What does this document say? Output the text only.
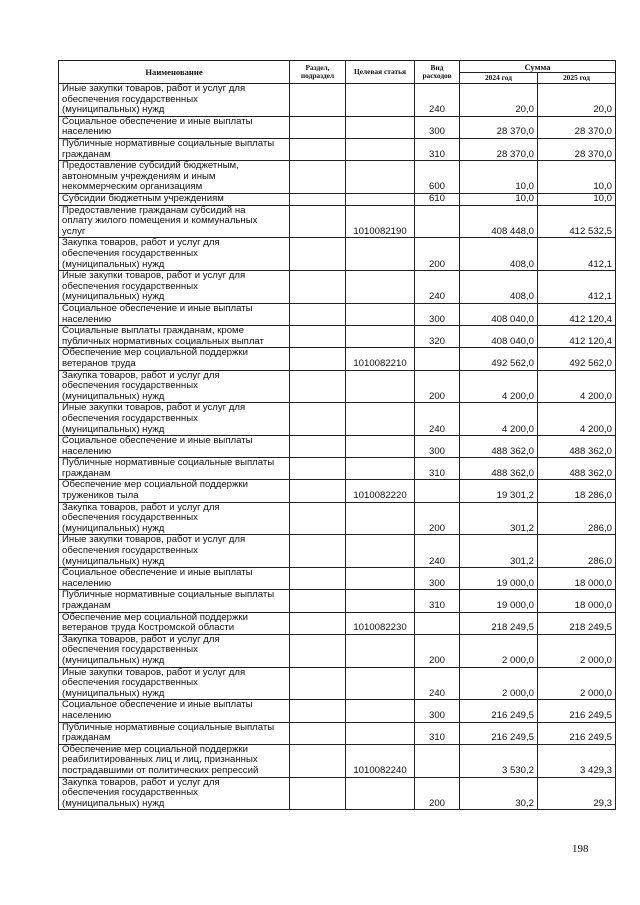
Наименование	Раздел, подраздел	Целевая статья	Вид расходов	Сумма	
				2024 год	2025 год

Иные закупки товаров, работ и услуг для
обеспечения государственных
(муниципальных) нужд			240	20,0	20,0

Социальное обеспечение и иные выплаты
населению			300	28 370,0	28 370,0

Публичные нормативные социальные выплаты
гражданам			310	28 370,0	28 370,0

Предоставление субсидий бюджетным,
автономным учреждениям и иным
некоммерческим организациям			600	10,0	10,0

Субсидии бюджетным учреждениям			610	10,0	10,0

Предоставление гражданам субсидий на
оплату жилого помещения и коммунальных
услуг		1010082190		408 448,0	412 532,5

Закупка товаров, работ и услуг для
обеспечения государственных
(муниципальных) нужд			200	408,0	412,1

Иные закупки товаров, работ и услуг для
обеспечения государственных
(муниципальных) нужд			240	408,0	412,1

Социальное обеспечение и иные выплаты
населению			300	408 040,0	412 120,4

Социальные выплаты гражданам, кроме
публичных нормативных социальных выплат			320	408 040,0	412 120,4

Обеспечение мер социальной поддержки
ветеранов труда		1010082210		492 562,0	492 562,0

Закупка товаров, работ и услуг для
обеспечения государственных
(муниципальных) нужд			200	4 200,0	4 200,0

Иные закупки товаров, работ и услуг для
обеспечения государственных
(муниципальных) нужд			240	4 200,0	4 200,0

Социальное обеспечение и иные выплаты
населению			300	488 362,0	488 362,0

Публичные нормативные социальные выплаты
гражданам			310	488 362,0	488 362,0

Обеспечение мер социальной поддержки
тружеников тыла		1010082220		19 301,2	18 286,0

Закупка товаров, работ и услуг для
обеспечения государственных
(муниципальных) нужд			200	301,2	286,0

Иные закупки товаров, работ и услуг для
обеспечения государственных
(муниципальных) нужд			240	301,2	286,0

Социальное обеспечение и иные выплаты
населению			300	19 000,0	18 000,0

Публичные нормативные социальные выплаты
гражданам			310	19 000,0	18 000,0

Обеспечение мер социальной поддержки
ветеранов труда Костромской области		1010082230		218 249,5	218 249,5

Закупка товаров, работ и услуг для
обеспечения государственных
(муниципальных) нужд			200	2 000,0	2 000,0

Иные закупки товаров, работ и услуг для
обеспечения государственных
(муниципальных) нужд			240	2 000,0	2 000,0

Социальное обеспечение и иные выплаты
населению			300	216 249,5	216 249,5

Публичные нормативные социальные выплаты
гражданам			310	216 249,5	216 249,5

Обеспечение мер социальной поддержки
реабилитированных лиц и лиц, признанных
пострадавшими от политических репрессий		1010082240		3 530,2	3 429,3

Закупка товаров, работ и услуг для
обеспечения государственных
(муниципальных) нужд			200	30,2	29,3
198
